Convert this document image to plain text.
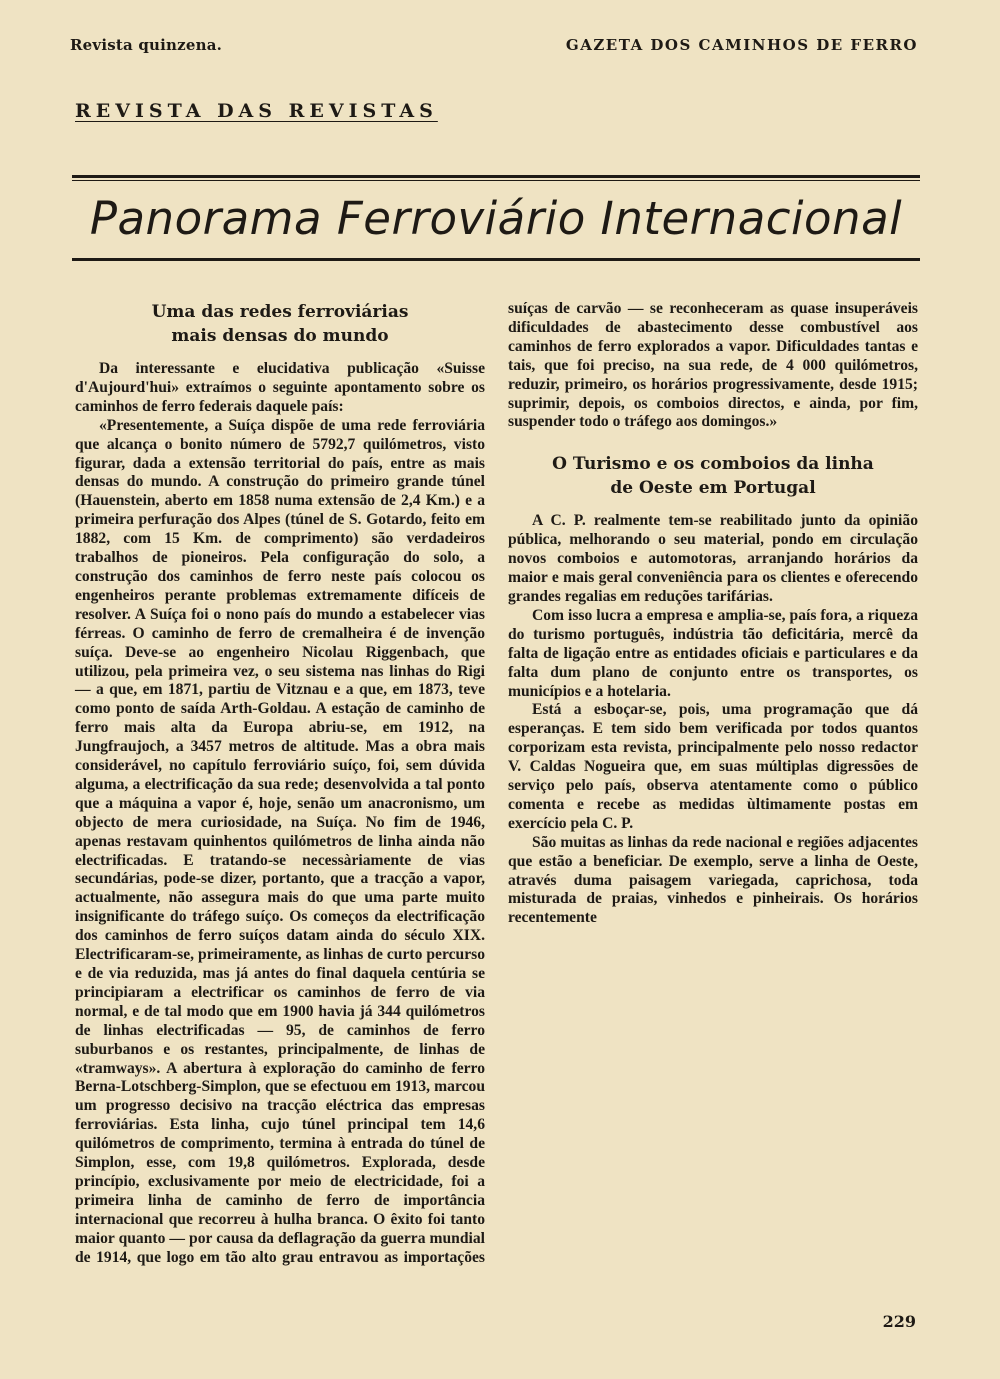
Revista quinzena.	GAZETA DOS CAMINHOS DE FERRO
REVISTA DAS REVISTAS
Panorama Ferroviário Internacional
Uma das redes ferroviárias
mais densas do mundo

Da interessante e elucidativa publicação «Suisse d'Aujourd'hui» extraímos o seguinte apontamento sobre os caminhos de ferro federais daquele país:

«Presentemente, a Suíça dispõe de uma rede ferroviária que alcança o bonito número de 5792,7 quilómetros, visto figurar, dada a extensão territorial do país, entre as mais densas do mundo. A construção do primeiro grande túnel (Hauenstein, aberto em 1858 numa extensão de 2,4 Km.) e a primeira perfuração dos Alpes (túnel de S. Gotardo, feito em 1882, com 15 Km. de comprimento) são verdadeiros trabalhos de pioneiros. Pela configuração do solo, a construção dos caminhos de ferro neste país colocou os engenheiros perante problemas extremamente difíceis de resolver. A Suíça foi o nono país do mundo a estabelecer vias férreas. O caminho de ferro de cremalheira é de invenção suíça. Deve-se ao engenheiro Nicolau Riggenbach, que utilizou, pela primeira vez, o seu sistema nas linhas do Rigi — a que, em 1871, partiu de Vitznau e a que, em 1873, teve como ponto de saída Arth-Goldau. A estação de caminho de ferro mais alta da Europa abriu-se, em 1912, na Jungfraujoch, a 3457 metros de altitude. Mas a obra mais considerável, no capítulo ferroviário suíço, foi, sem dúvida alguma, a electrificação da sua rede; desenvolvida a tal ponto que a máquina a vapor é, hoje, senão um anacronismo, um objecto de mera curiosidade, na Suíça. No fim de 1946, apenas restavam quinhentos quilómetros de linha ainda não electrificadas. E tratando-se necessàriamente de vias secundárias, pode-se dizer, portanto, que a tracção a vapor, actualmente, não assegura mais do que uma parte muito insignificante do tráfego suíço. Os começos da electrificação dos caminhos de ferro suíços datam ainda do século XIX. Electrificaram-se, primeiramente, as linhas de curto percurso e de via reduzida, mas já antes do final daquela centúria se principiaram a electrificar os caminhos de ferro de via normal, e de tal modo que em 1900 havia já 344 quilómetros de linhas electrificadas — 95, de caminhos de ferro suburbanos e os restantes, principalmente, de linhas de «tramways». A abertura à exploração do caminho de ferro Berna-Lotschberg-Simplon, que se efectuou em 1913, marcou um progresso decisivo na tracção eléctrica das empresas ferroviárias. Esta linha, cujo túnel principal tem 14,6 quilómetros de comprimento, termina à entrada do túnel de Simplon, esse, com 19,8 quilómetros. Explorada, desde princípio, exclusivamente por meio de electricidade, foi a primeira linha de caminho de ferro de importância internacional que recorreu à hulha branca. O êxito foi tanto maior quanto — por causa da deflagração da guerra mundial de 1914, que logo em tão alto grau entravou as importações

suíças de carvão — se reconheceram as quase insuperáveis dificuldades de abastecimento desse combustível aos caminhos de ferro explorados a vapor. Dificuldades tantas e tais, que foi preciso, na sua rede, de 4 000 quilómetros, reduzir, primeiro, os horários progressivamente, desde 1915; suprimir, depois, os comboios directos, e ainda, por fim, suspender todo o tráfego aos domingos.»

O Turismo e os comboios da linha
de Oeste em Portugal

A C. P. realmente tem-se reabilitado junto da opinião pública, melhorando o seu material, pondo em circulação novos comboios e automotoras, arranjando horários da maior e mais geral conveniência para os clientes e oferecendo grandes regalias em reduções tarifárias.

Com isso lucra a empresa e amplia-se, país fora, a riqueza do turismo português, indústria tão deficitária, mercê da falta de ligação entre as entidades oficiais e particulares e da falta dum plano de conjunto entre os transportes, os municípios e a hotelaria.

Está a esboçar-se, pois, uma programação que dá esperanças. E tem sido bem verificada por todos quantos corporizam esta revista, principalmente pelo nosso redactor V. Caldas Nogueira que, em suas múltiplas digressões de serviço pelo país, observa atentamente como o público comenta e recebe as medidas ùltimamente postas em exercício pela C. P.

São muitas as linhas da rede nacional e regiões adjacentes que estão a beneficiar. De exemplo, serve a linha de Oeste, através duma paisagem variegada, caprichosa, toda misturada de praias, vinhedos e pinheirais. Os horários recentemente

229
